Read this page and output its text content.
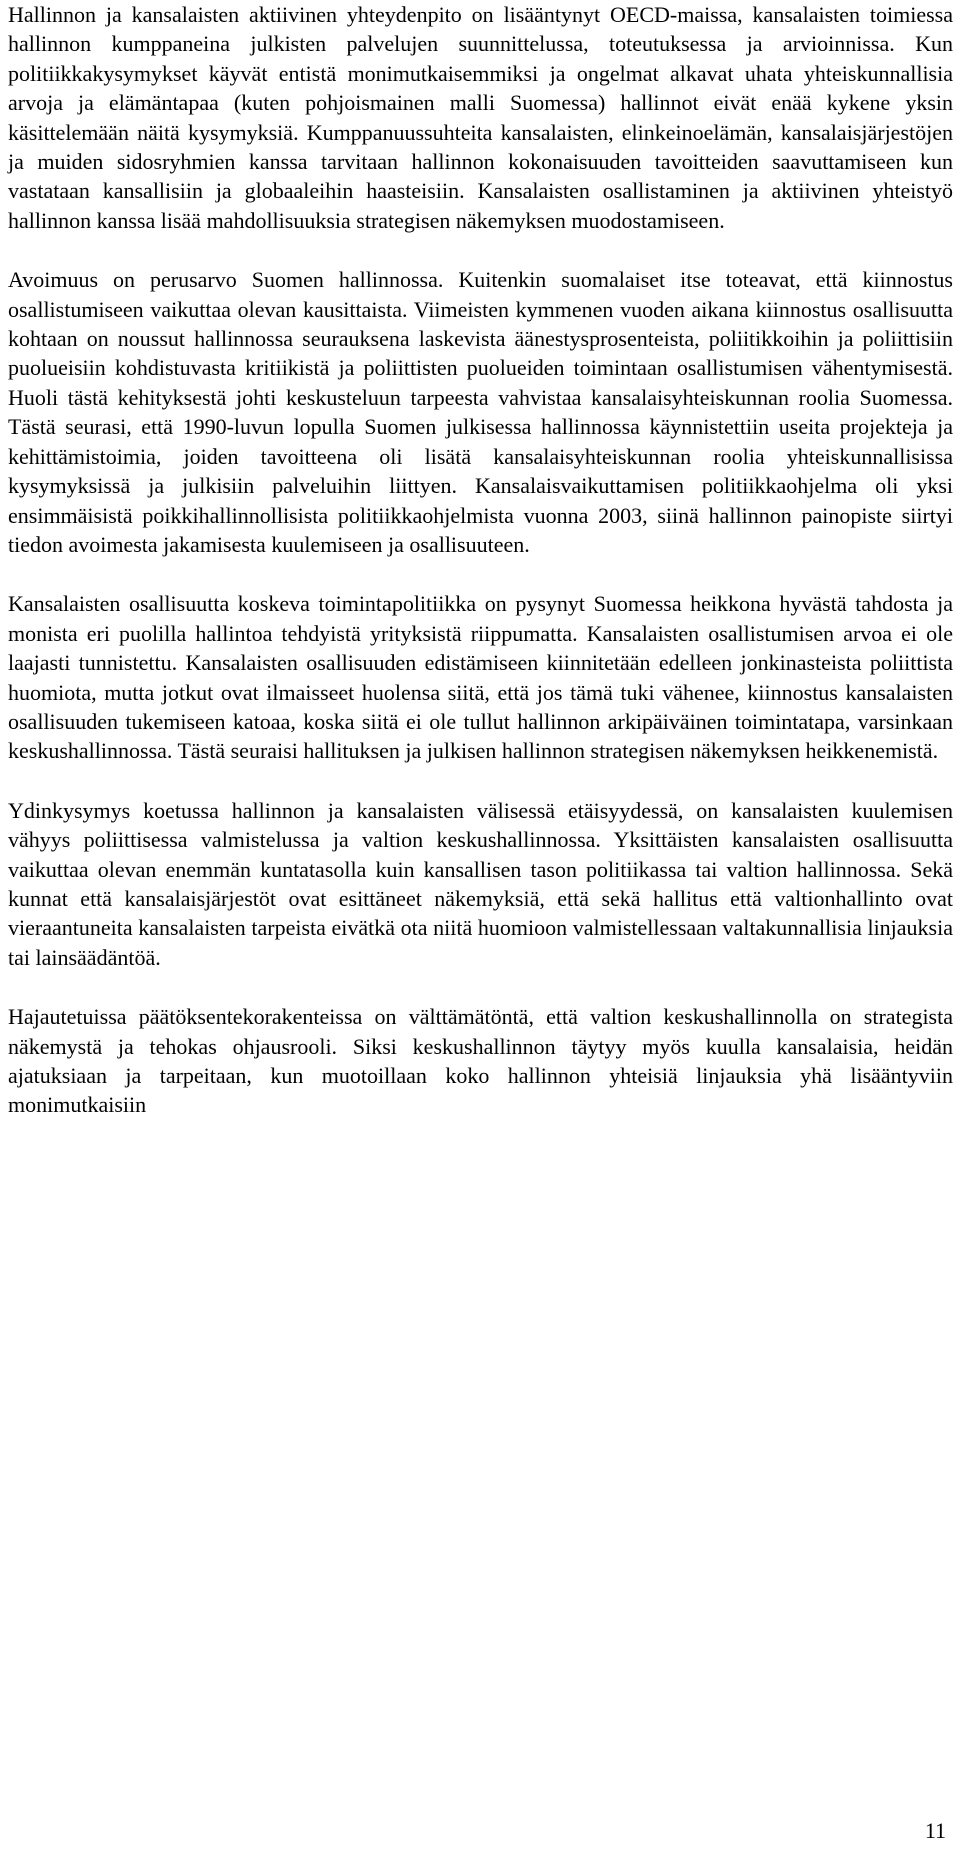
Hallinnon ja kansalaisten aktiivinen yhteydenpito on lisääntynyt OECD-maissa, kansalaisten toimiessa hallinnon kumppaneina julkisten palvelujen suunnittelussa, toteutuksessa ja arvioinnissa. Kun politiikkakysymykset käyvät entistä monimutkaisemmiksi ja ongelmat alkavat uhata yhteiskunnallisia arvoja ja elämäntapaa (kuten pohjoismainen malli Suomessa) hallinnot eivät enää kykene yksin käsittelemään näitä kysymyksiä. Kumppanuussuhteita kansalaisten, elinkeinoelämän, kansalaisjärjestöjen ja muiden sidosryhmien kanssa tarvitaan hallinnon kokonaisuuden tavoitteiden saavuttamiseen kun vastataan kansallisiin ja globaaleihin haasteisiin. Kansalaisten osallistaminen ja aktiivinen yhteistyö hallinnon kanssa lisää mahdollisuuksia strategisen näkemyksen muodostamiseen.

Avoimuus on perusarvo Suomen hallinnossa. Kuitenkin suomalaiset itse toteavat, että kiinnostus osallistumiseen vaikuttaa olevan kausittaista. Viimeisten kymmenen vuoden aikana kiinnostus osallisuutta kohtaan on noussut hallinnossa seurauksena laskevista äänestysprosenteista, poliitikkoihin ja poliittisiin puolueisiin kohdistuvasta kritiikistä ja poliittisten puolueiden toimintaan osallistumisen vähentymisestä. Huoli tästä kehityksestä johti keskusteluun tarpeesta vahvistaa kansalaisyhteiskunnan roolia Suomessa. Tästä seurasi, että 1990-luvun lopulla Suomen julkisessa hallinnossa käynnistettiin useita projekteja ja kehittämistoimia, joiden tavoitteena oli lisätä kansalaisyhteiskunnan roolia yhteiskunnallisissa kysymyksissä ja julkisiin palveluihin liittyen. Kansalaisvaikuttamisen politiikkaohjelma oli yksi ensimmäisistä poikkihallinnollisista politiikkaohjelmista vuonna 2003, siinä hallinnon painopiste siirtyi tiedon avoimesta jakamisesta kuulemiseen ja osallisuuteen.

Kansalaisten osallisuutta koskeva toimintapolitiikka on pysynyt Suomessa heikkona hyvästä tahdosta ja monista eri puolilla hallintoa tehdyistä yrityksistä riippumatta. Kansalaisten osallistumisen arvoa ei ole laajasti tunnistettu. Kansalaisten osallisuuden edistämiseen kiinnitetään edelleen jonkinasteista poliittista huomiota, mutta jotkut ovat ilmaisseet huolensa siitä, että jos tämä tuki vähenee, kiinnostus kansalaisten osallisuuden tukemiseen katoaa, koska siitä ei ole tullut hallinnon arkipäiväinen toimintatapa, varsinkaan keskushallinnossa. Tästä seuraisi hallituksen ja julkisen hallinnon strategisen näkemyksen heikkenemistä.

Ydinkysymys koetussa hallinnon ja kansalaisten välisessä etäisyydessä, on kansalaisten kuulemisen vähyys poliittisessa valmistelussa ja valtion keskushallinnossa. Yksittäisten kansalaisten osallisuutta vaikuttaa olevan enemmän kuntatasolla kuin kansallisen tason politiikassa tai valtion hallinnossa. Sekä kunnat että kansalaisjärjestöt ovat esittäneet näkemyksiä, että sekä hallitus että valtionhallinto ovat vieraantuneita kansalaisten tarpeista eivätkä ota niitä huomioon valmistellessaan valtakunnallisia linjauksia tai lainsäädäntöä.

Hajautetuissa päätöksentekorakenteissa on välttämätöntä, että valtion keskushallinnolla on strategista näkemystä ja tehokas ohjausrooli. Siksi keskushallinnon täytyy myös kuulla kansalaisia, heidän ajatuksiaan ja tarpeitaan, kun muotoillaan koko hallinnon yhteisiä linjauksia yhä lisääntyviin monimutkaisiin

11
